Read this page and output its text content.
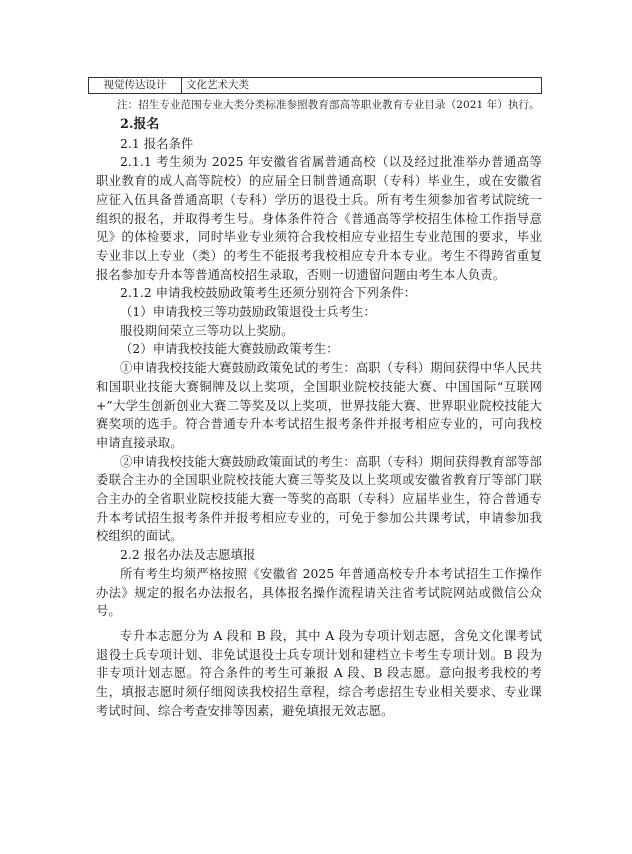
视觉传达设计	文化艺术大类

注：招生专业范围专业大类分类标准参照教育部高等职业教育专业目录（2021 年）执行。

2.报名

2.1 报名条件

2.1.1 考生须为 2025 年安徽省省属普通高校（以及经过批准举办普通高等职业教育的成人高等院校）的应届全日制普通高职（专科）毕业生，或在安徽省应征入伍具备普通高职（专科）学历的退役士兵。所有考生须参加省考试院统一组织的报名，并取得考生号。身体条件符合《普通高等学校招生体检工作指导意见》的体检要求，同时毕业专业须符合我校相应专业招生专业范围的要求，毕业专业非以上专业（类）的考生不能报考我校相应专升本专业。考生不得跨省重复报名参加专升本等普通高校招生录取，否则一切遗留问题由考生本人负责。

2.1.2 申请我校鼓励政策考生还须分别符合下列条件：

（1）申请我校三等功鼓励政策退役士兵考生：

服役期间荣立三等功以上奖励。

（2）申请我校技能大赛鼓励政策考生：

①申请我校技能大赛鼓励政策免试的考生：高职（专科）期间获得中华人民共和国职业技能大赛铜牌及以上奖项，全国职业院校技能大赛、中国国际“互联网+”大学生创新创业大赛二等奖及以上奖项，世界技能大赛、世界职业院校技能大赛奖项的选手。符合普通专升本考试招生报考条件并报考相应专业的，可向我校申请直接录取。

②申请我校技能大赛鼓励政策面试的考生：高职（专科）期间获得教育部等部委联合主办的全国职业院校技能大赛三等奖及以上奖项或安徽省教育厅等部门联合主办的全省职业院校技能大赛一等奖的高职（专科）应届毕业生，符合普通专升本考试招生报考条件并报考相应专业的，可免于参加公共课考试，申请参加我校组织的面试。

2.2 报名办法及志愿填报

所有考生均须严格按照《安徽省 2025 年普通高校专升本考试招生工作操作办法》规定的报名办法报名，具体报名操作流程请关注省考试院网站或微信公众号。

专升本志愿分为 A 段和 B 段，其中 A 段为专项计划志愿，含免文化课考试退役士兵专项计划、非免试退役士兵专项计划和建档立卡考生专项计划。B 段为非专项计划志愿。符合条件的考生可兼报 A 段、B 段志愿。意向报考我校的考生，填报志愿时须仔细阅读我校招生章程，综合考虑招生专业相关要求、专业课考试时间、综合考查安排等因素，避免填报无效志愿。
